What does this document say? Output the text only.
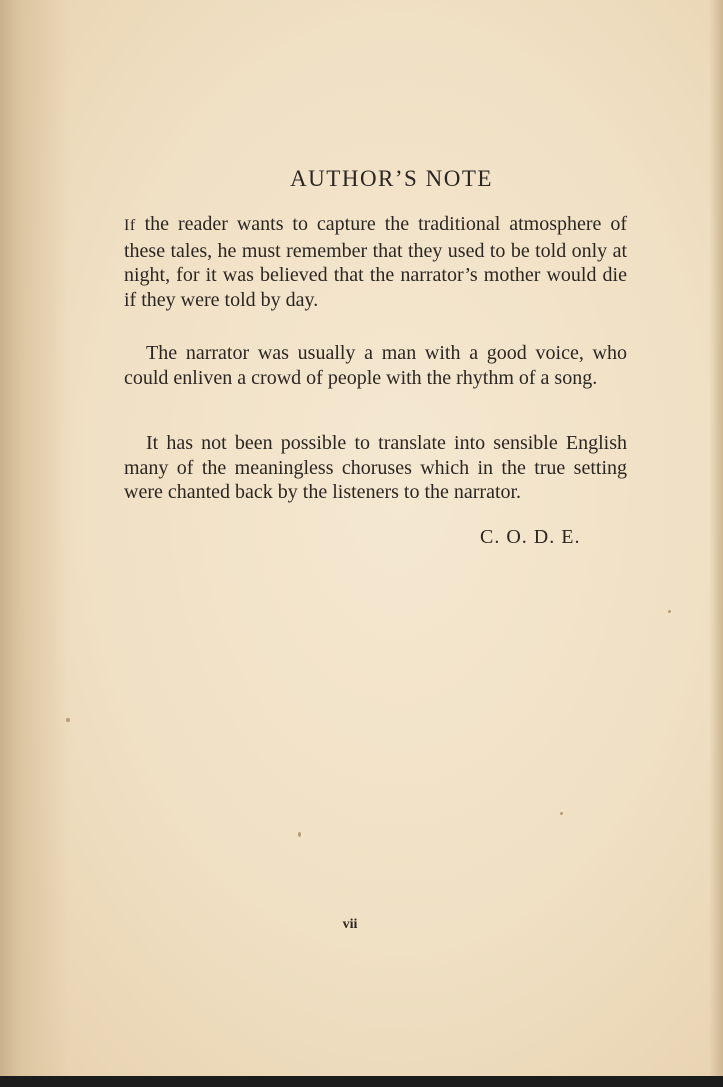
AUTHOR’S NOTE

If the reader wants to capture the traditional atmosphere of these tales, he must remember that they used to be told only at night, for it was believed that the narrator’s mother would die if they were told by day.

The narrator was usually a man with a good voice, who could enliven a crowd of people with the rhythm of a song.

It has not been possible to translate into sensible English many of the meaningless choruses which in the true setting were chanted back by the listeners to the narrator.

C. O. D. E.
vii
